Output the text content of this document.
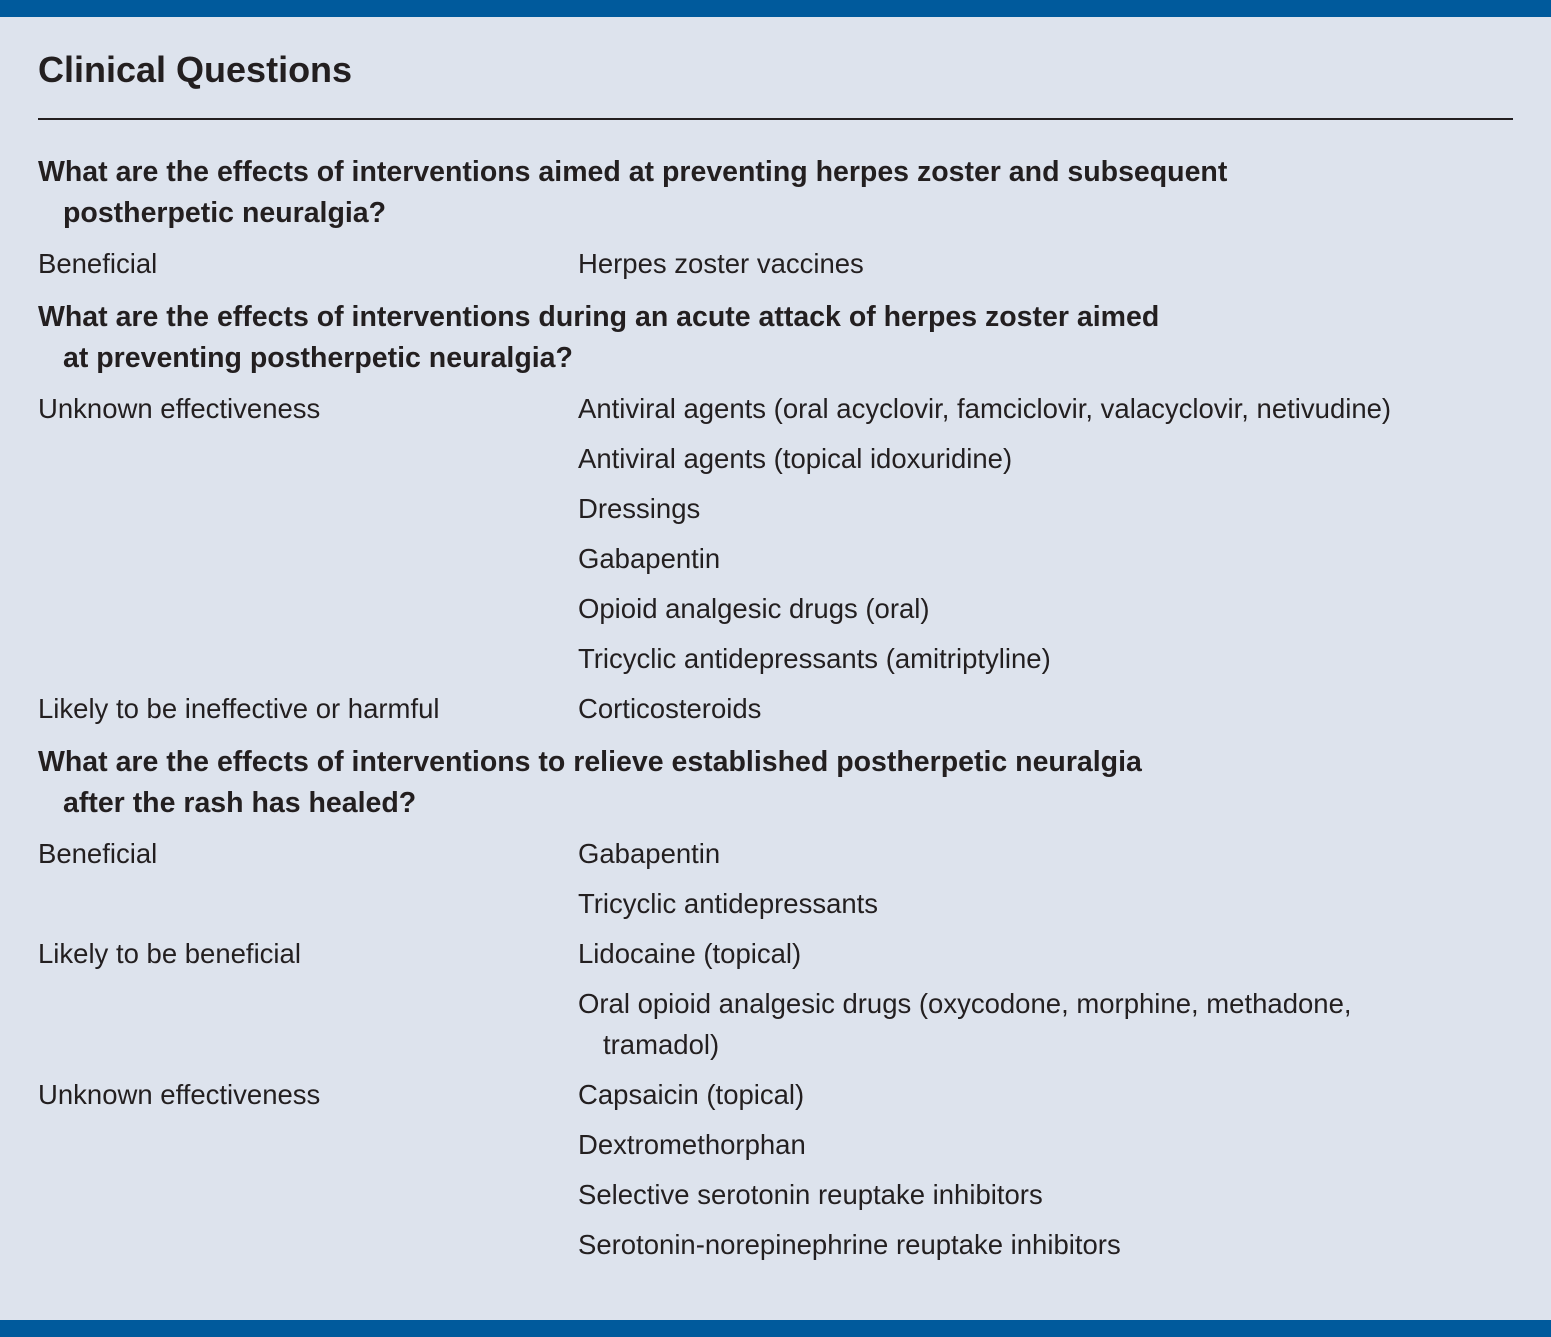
Clinical Questions
What are the effects of interventions aimed at preventing herpes zoster and subsequent
postherpetic neuralgia?
Beneficial	Herpes zoster vaccines
What are the effects of interventions during an acute attack of herpes zoster aimed
at preventing postherpetic neuralgia?
Unknown effectiveness	Antiviral agents (oral acyclovir, famciclovir, valacyclovir, netivudine)
Antiviral agents (topical idoxuridine)
Dressings
Gabapentin
Opioid analgesic drugs (oral)
Tricyclic antidepressants (amitriptyline)
Likely to be ineffective or harmful	Corticosteroids
What are the effects of interventions to relieve established postherpetic neuralgia
after the rash has healed?
Beneficial	Gabapentin
Tricyclic antidepressants
Likely to be beneficial	Lidocaine (topical)
Oral opioid analgesic drugs (oxycodone, morphine, methadone,
tramadol)
Unknown effectiveness	Capsaicin (topical)
Dextromethorphan
Selective serotonin reuptake inhibitors
Serotonin-norepinephrine reuptake inhibitors
